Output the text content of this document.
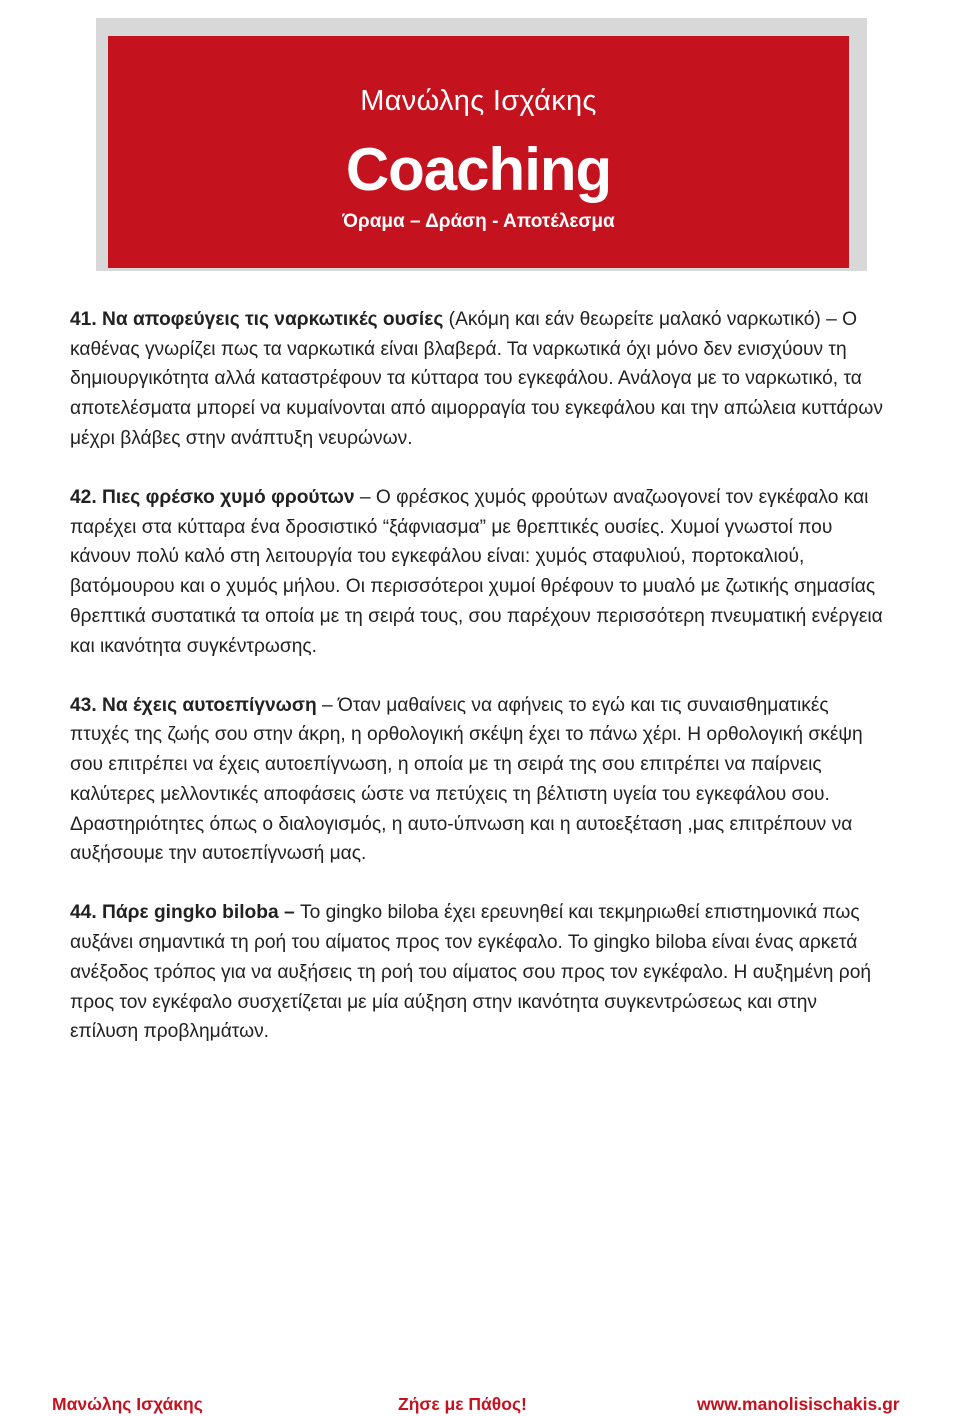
Μανώλης Ισχάκης
Coaching
Όραμα – Δράση - Αποτέλεσμα

41. Να αποφεύγεις τις ναρκωτικές ουσίες (Ακόμη και εάν θεωρείτε μαλακό ναρκωτικό) – Ο καθένας γνωρίζει πως τα ναρκωτικά είναι βλαβερά. Τα ναρκωτικά όχι μόνο δεν ενισχύουν τη δημιουργικότητα αλλά καταστρέφουν τα κύτταρα του εγκεφάλου. Ανάλογα με το ναρκωτικό, τα αποτελέσματα μπορεί να κυμαίνονται από αιμορραγία του εγκεφάλου και την απώλεια κυττάρων μέχρι βλάβες στην ανάπτυξη νευρώνων.

42. Πιες φρέσκο χυμό φρούτων – Ο φρέσκος χυμός φρούτων αναζωογονεί τον εγκέφαλο και παρέχει στα κύτταρα ένα δροσιστικό “ξάφνιασμα” με θρεπτικές ουσίες. Χυμοί γνωστοί που κάνουν πολύ καλό στη λειτουργία του εγκεφάλου είναι: χυμός σταφυλιού, πορτοκαλιού, βατόμουρου και ο χυμός μήλου. Οι περισσότεροι χυμοί θρέφουν το μυαλό με ζωτικής σημασίας θρεπτικά συστατικά τα οποία με τη σειρά τους, σου παρέχουν περισσότερη πνευματική ενέργεια και ικανότητα συγκέντρωσης.

43. Να έχεις αυτοεπίγνωση – Όταν μαθαίνεις να αφήνεις το εγώ και τις συναισθηματικές πτυχές της ζωής σου στην άκρη, η ορθολογική σκέψη έχει το πάνω χέρι. Η ορθολογική σκέψη σου επιτρέπει να έχεις αυτοεπίγνωση, η οποία με τη σειρά της σου επιτρέπει να παίρνεις καλύτερες μελλοντικές αποφάσεις ώστε να πετύχεις τη βέλτιστη υγεία του εγκεφάλου σου. Δραστηριότητες όπως ο διαλογισμός, η αυτο-ύπνωση και η αυτοεξέταση ,μας επιτρέπουν να αυξήσουμε την αυτοεπίγνωσή μας.

44. Πάρε gingko biloba – Το gingko biloba έχει ερευνηθεί και τεκμηριωθεί επιστημονικά πως αυξάνει σημαντικά τη ροή του αίματος προς τον εγκέφαλο. Το gingko biloba είναι ένας αρκετά ανέξοδος τρόπος για να αυξήσεις τη ροή του αίματος σου προς τον εγκέφαλο. Η αυξημένη ροή προς τον εγκέφαλο συσχετίζεται με μία αύξηση στην ικανότητα συγκεντρώσεως και στην επίλυση προβλημάτων.

Μανώλης Ισχάκης	Ζήσε με Πάθος!	www.manolisischakis.gr
